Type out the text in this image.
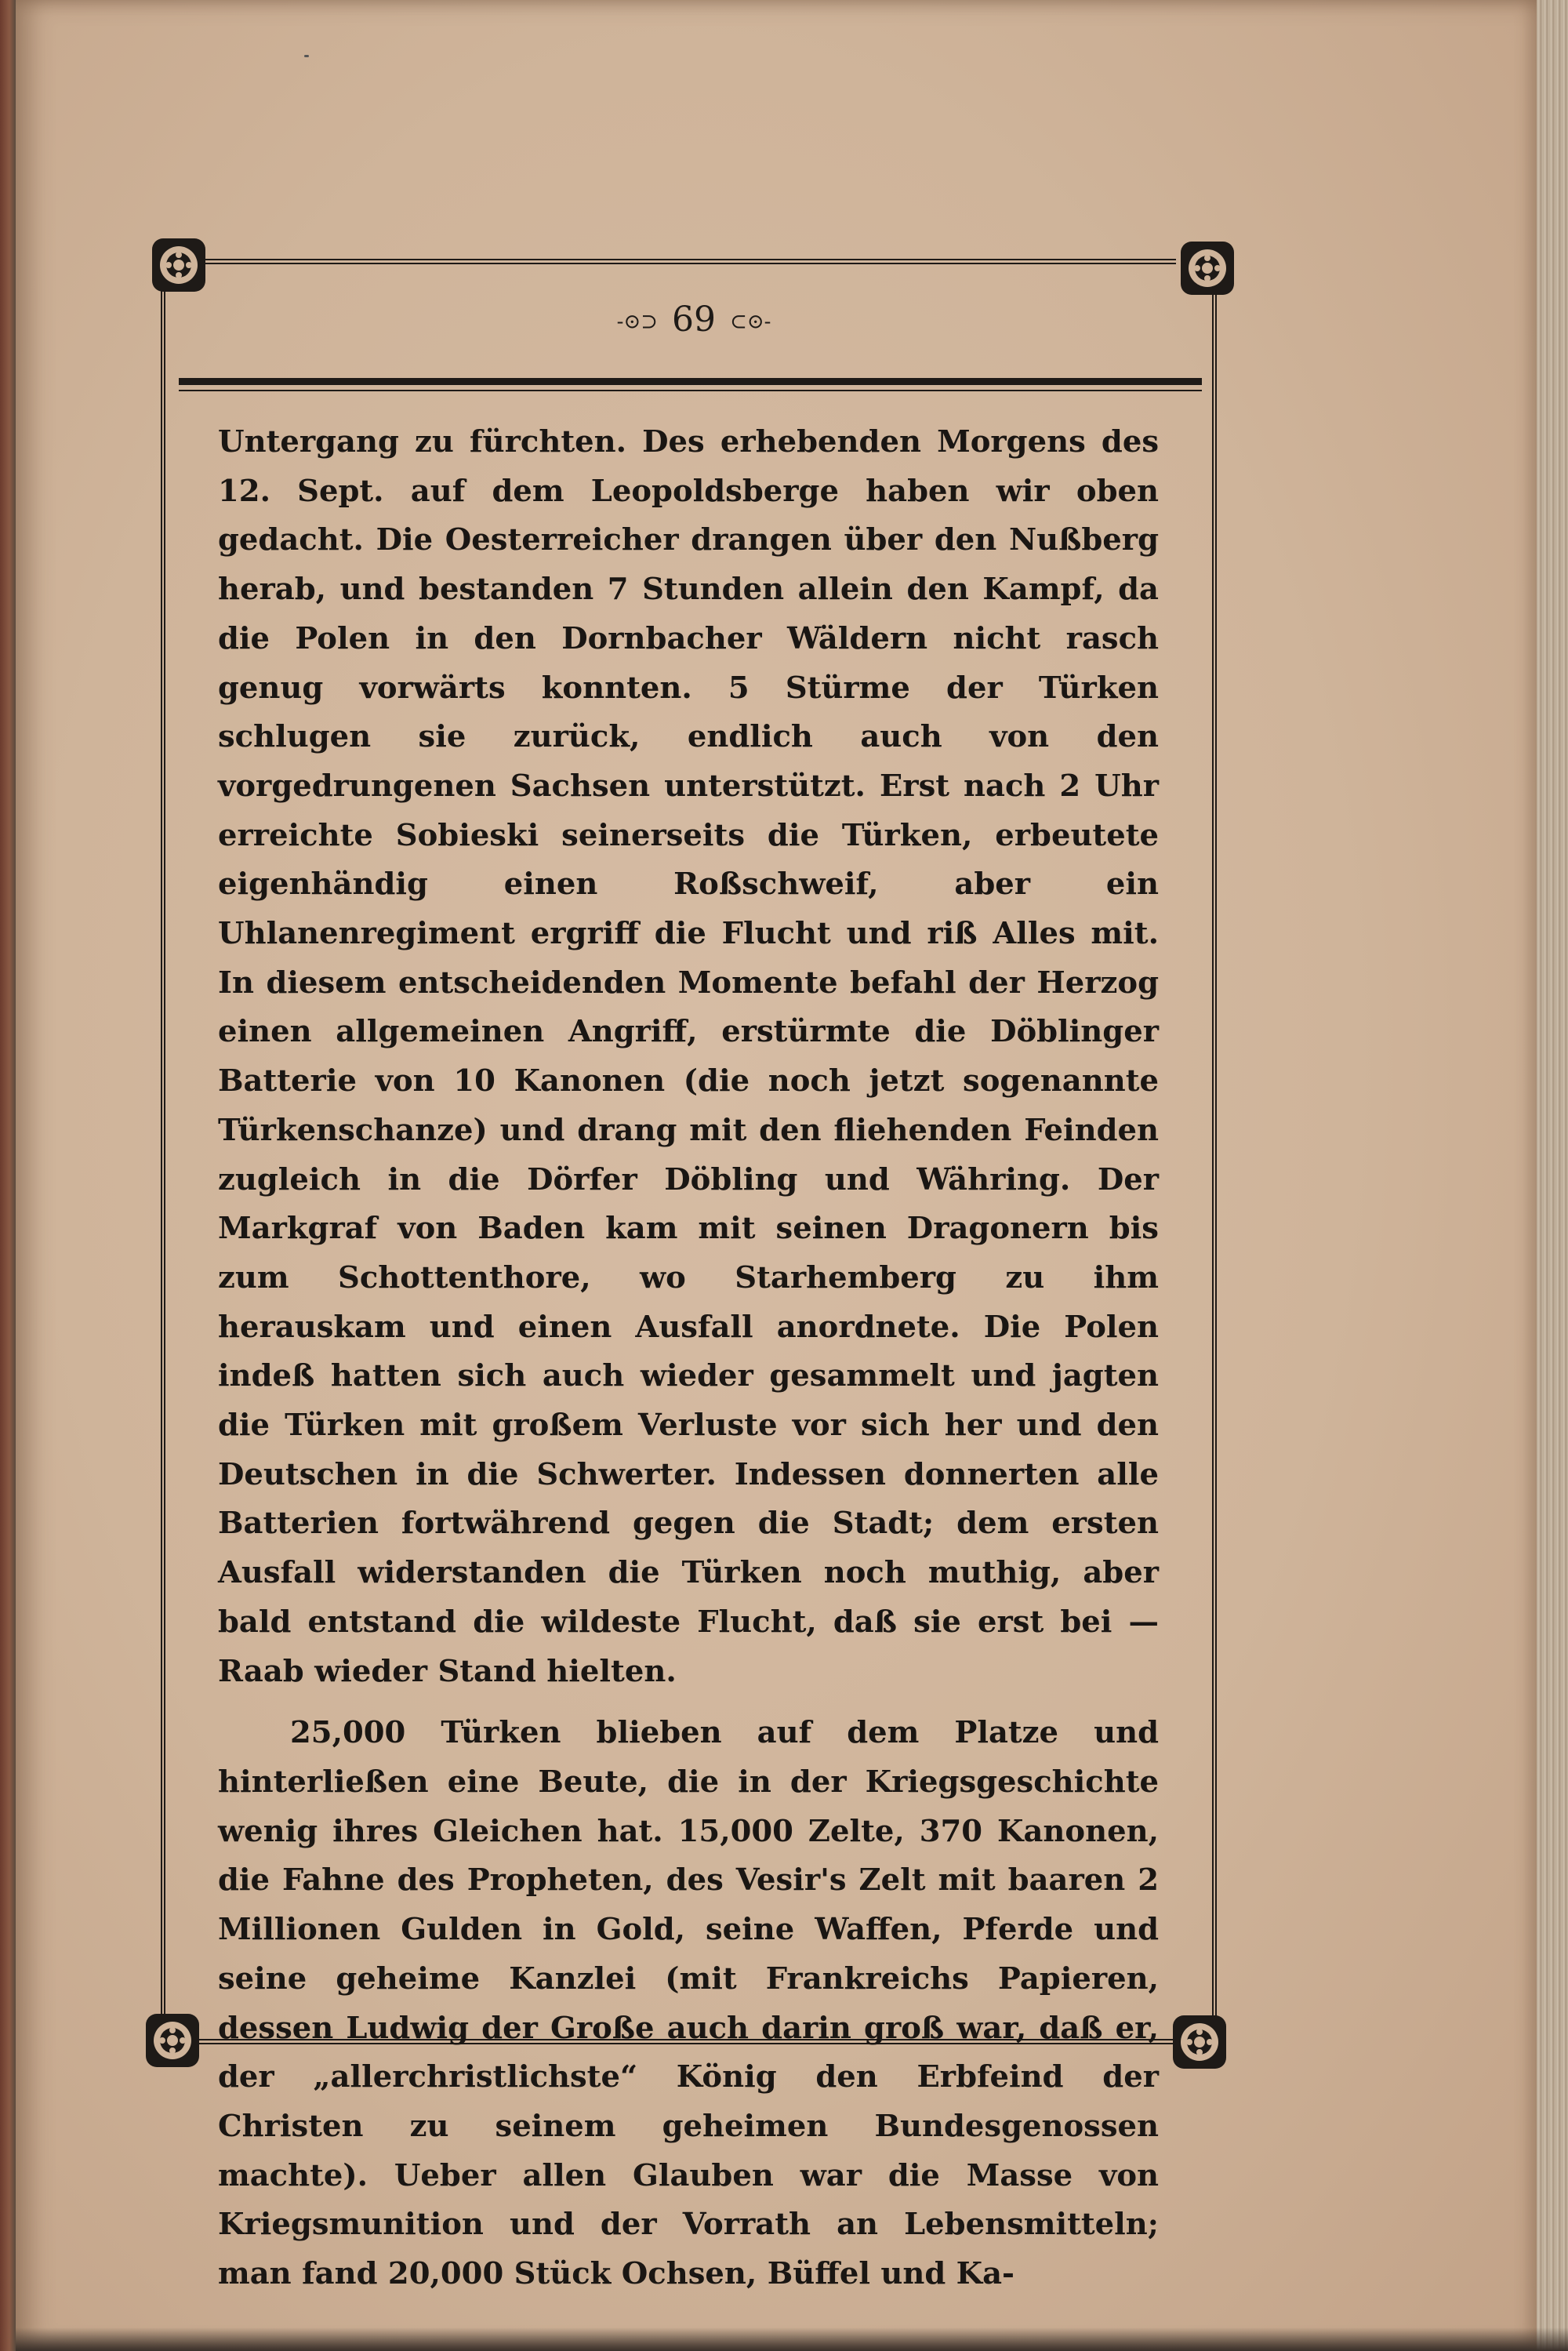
-⊙⊃ 69 ⊂⊙-

Untergang zu fürchten. Des erhebenden Morgens des 12. Sept. auf dem Leopoldsberge haben wir oben gedacht. Die Oesterreicher drangen über den Nußberg herab, und bestanden 7 Stunden allein den Kampf, da die Polen in den Dornbacher Wäldern nicht rasch genug vorwärts konnten. 5 Stürme der Türken schlugen sie zurück, endlich auch von den vorgedrungenen Sachsen unterstützt. Erst nach 2 Uhr erreichte Sobieski seinerseits die Türken, erbeutete eigenhändig einen Roßschweif, aber ein Uhlanenregiment ergriff die Flucht und riß Alles mit. In diesem entscheidenden Momente befahl der Herzog einen allgemeinen Angriff, erstürmte die Döblinger Batterie von 10 Kanonen (die noch jetzt sogenannte Türkenschanze) und drang mit den fliehenden Feinden zugleich in die Dörfer Döbling und Währing. Der Markgraf von Baden kam mit seinen Dragonern bis zum Schottenthore, wo Starhemberg zu ihm herauskam und einen Ausfall anordnete. Die Polen indeß hatten sich auch wieder gesammelt und jagten die Türken mit großem Verluste vor sich her und den Deutschen in die Schwerter. Indessen donnerten alle Batterien fortwährend gegen die Stadt; dem ersten Ausfall widerstanden die Türken noch muthig, aber bald entstand die wildeste Flucht, daß sie erst bei — Raab wieder Stand hielten.

25,000 Türken blieben auf dem Platze und hinterließen eine Beute, die in der Kriegsgeschichte wenig ihres Gleichen hat. 15,000 Zelte, 370 Kanonen, die Fahne des Propheten, des Vesir's Zelt mit baaren 2 Millionen Gulden in Gold, seine Waffen, Pferde und seine geheime Kanzlei (mit Frankreichs Papieren, dessen Ludwig der Große auch darin groß war, daß er, der „allerchristlichste“ König den Erbfeind der Christen zu seinem geheimen Bundesgenossen machte). Ueber allen Glauben war die Masse von Kriegsmunition und der Vorrath an Lebensmitteln; man fand 20,000 Stück Ochsen, Büffel und Ka-
